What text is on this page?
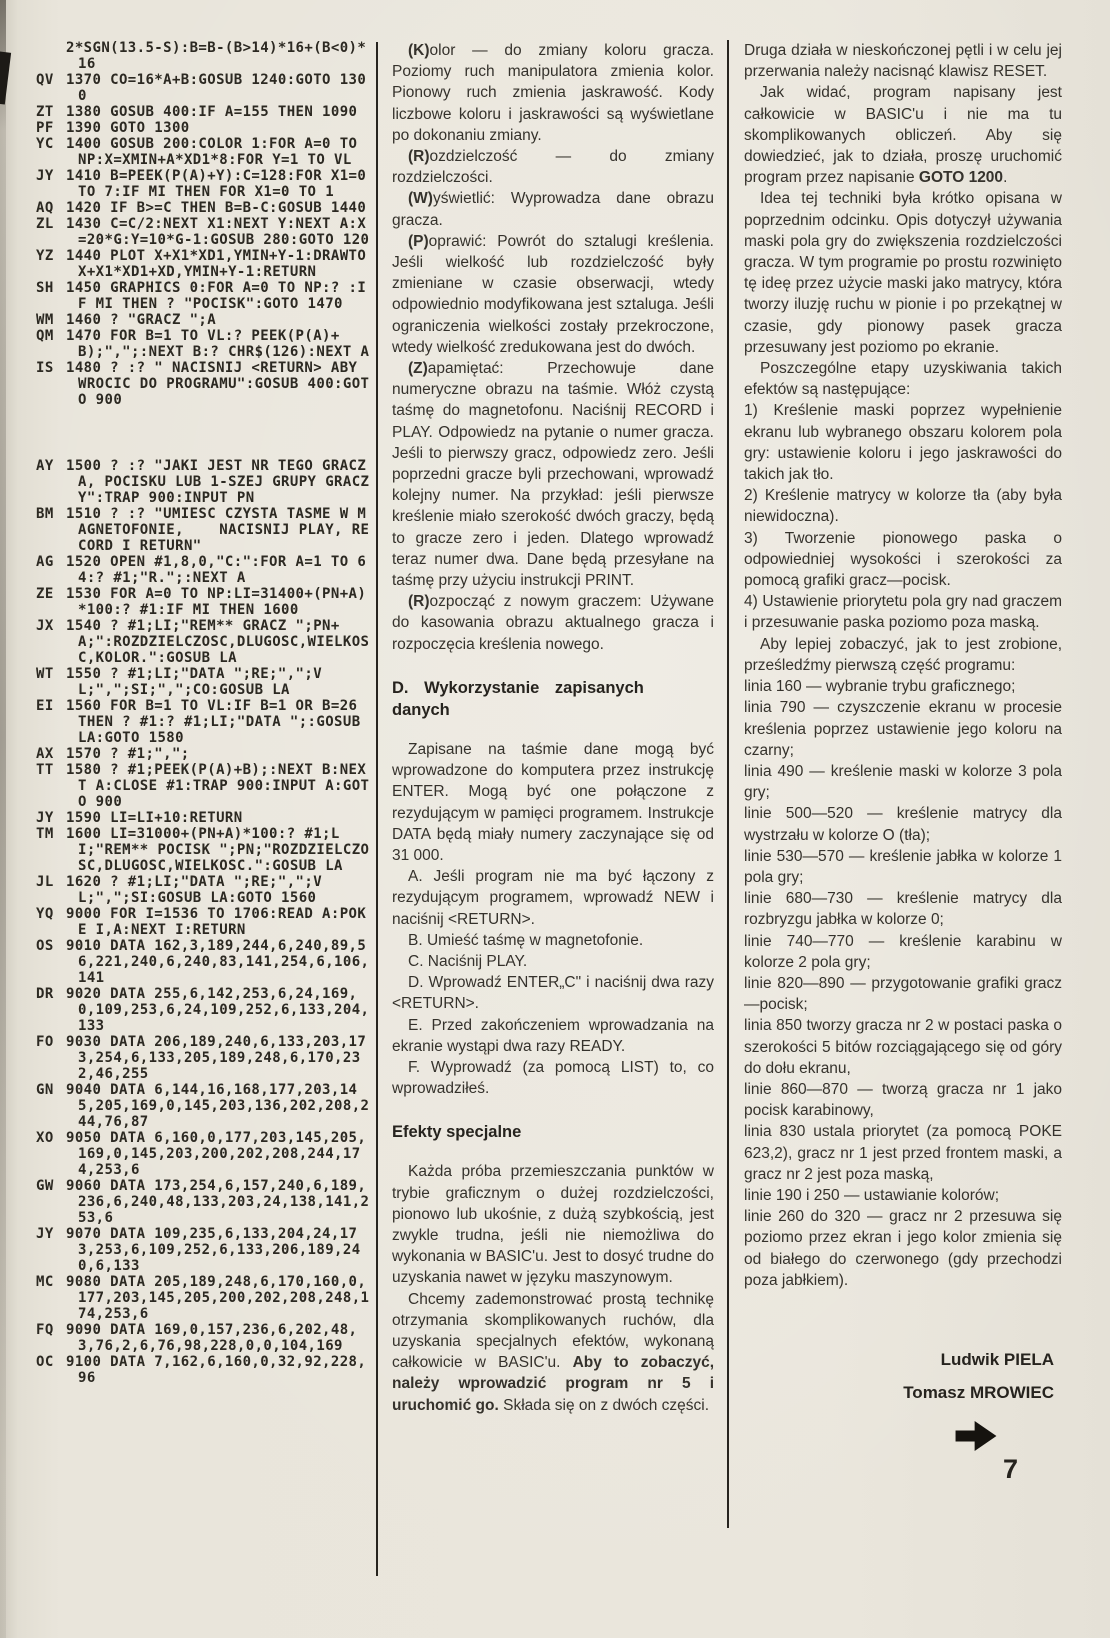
2*SGN(13.5-S):B=B-(B>14)*16+(B<0)*16
QV 1370 CO=16*A+B:GOSUB 1240:GOTO 1300
ZT 1380 GOSUB 400:IF A=155 THEN 1090
PF 1390 GOTO 1300
YC 1400 GOSUB 200:COLOR 1:FOR A=0 TO NP:X=XMIN+A*XD1*8:FOR Y=1 TO VL
JY 1410 B=PEEK(P(A)+Y):C=128:FOR X1=0 TO 7:IF MI THEN FOR X1=0 TO 1
AQ 1420 IF B>=C THEN B=B-C:GOSUB 1440
ZL 1430 C=C/2:NEXT X1:NEXT Y:NEXT A:X=20*G:Y=10*G-1:GOSUB 280:GOTO 120
YZ 1440 PLOT X+X1*XD1,YMIN+Y-1:DRAWTO X+X1*XD1+XD,YMIN+Y-1:RETURN
SH 1450 GRAPHICS 0:FOR A=0 TO NP:? :IF MI THEN ? "POCISK":GOTO 1470
WM 1460 ? "GRACZ ";A
QM 1470 FOR B=1 TO VL:? PEEK(P(A)+B);",";:NEXT B:? CHR$(126):NEXT A
IS 1480 ? :? " NACISNIJ <RETURN> ABY WROCIC DO PROGRAMU":GOSUB 400:GOTO 900
AY 1500 ? :? "JAKI JEST NR TEGO GRACZA, POCISKU LUB 1-SZEJ GRUPY GRACZY":TRAP 900:INPUT PN
BM 1510 ? :? "UMIESC CZYSTA TASME W MAGNETOFONIE,    NACISNIJ PLAY, RECORD I RETURN"
AG 1520 OPEN #1,8,0,"C:":FOR A=1 TO 64:? #1;"R.";:NEXT A
ZE 1530 FOR A=0 TO NP:LI=31400+(PN+A)*100:? #1:IF MI THEN 1600
JX 1540 ? #1;LI;"REM** GRACZ ";PN+A;":ROZDZIELCZOSC,DLUGOSC,WIELKOSC,KOLOR.":GOSUB LA
WT 1550 ? #1;LI;"DATA ";RE;",";VL;",";SI;",";CO:GOSUB LA
EI 1560 FOR B=1 TO VL:IF B=1 OR B=26 THEN ? #1:? #1;LI;"DATA ";:GOSUB LA:GOTO 1580
AX 1570 ? #1;",";
TT 1580 ? #1;PEEK(P(A)+B);:NEXT B:NEXT A:CLOSE #1:TRAP 900:INPUT A:GOTO 900
JY 1590 LI=LI+10:RETURN
TM 1600 LI=31000+(PN+A)*100:? #1;LI;"REM** POCISK ";PN;"ROZDZIELCZOSC,DLUGOSC,WIELKOSC.":GOSUB LA
JL 1620 ? #1;LI;"DATA ";RE;",";VL;",";SI:GOSUB LA:GOTO 1560
YQ 9000 FOR I=1536 TO 1706:READ A:POKE I,A:NEXT I:RETURN
OS 9010 DATA 162,3,189,244,6,240,89,56,221,240,6,240,83,141,254,6,106,141
DR 9020 DATA 255,6,142,253,6,24,169,0,109,253,6,24,109,252,6,133,204,133
FO 9030 DATA 206,189,240,6,133,203,173,254,6,133,205,189,248,6,170,232,46,255
GN 9040 DATA 6,144,16,168,177,203,145,205,169,0,145,203,136,202,208,244,76,87
XO 9050 DATA 6,160,0,177,203,145,205,169,0,145,203,200,202,208,244,174,253,6
GW 9060 DATA 173,254,6,157,240,6,189,236,6,240,48,133,203,24,138,141,253,6
JY 9070 DATA 109,235,6,133,204,24,173,253,6,109,252,6,133,206,189,240,6,133
MC 9080 DATA 205,189,248,6,170,160,0,177,203,145,205,200,202,208,248,174,253,6
FQ 9090 DATA 169,0,157,236,6,202,48,3,76,2,6,76,98,228,0,0,104,169
OC 9100 DATA 7,162,6,160,0,32,92,228,96
(K)olor — do zmiany koloru gracza. Poziomy ruch manipulatora zmienia kolor. Pionowy ruch zmienia jaskrawość. Kody liczbowe koloru i jaskrawości są wyświetlane po dokonaniu zmiany.
(R)ozdzielczość — do zmiany rozdzielczości.
(W)yświetlić: Wyprowadza dane obrazu gracza.
(P)oprawić: Powrót do sztalugi kreślenia. Jeśli wielkość lub rozdzielczość były zmieniane w czasie obserwacji, wtedy odpowiednio modyfikowana jest sztaluga. Jeśli ograniczenia wielkości zostały przekroczone, wtedy wielkość zredukowana jest do dwóch.
(Z)apamiętać: Przechowuje dane numeryczne obrazu na taśmie. Włóż czystą taśmę do magnetofonu. Naciśnij RECORD i PLAY. Odpowiedz na pytanie o numer gracza. Jeśli to pierwszy gracz, odpowiedz zero. Jeśli poprzedni gracze byli przechowani, wprowadź kolejny numer. Na przykład: jeśli pierwsze kreślenie miało szerokość dwóch graczy, będą to gracze zero i jeden. Dlatego wprowadź teraz numer dwa. Dane będą przesyłane na taśmę przy użyciu instrukcji PRINT.
(R)ozpocząć z nowym graczem: Używane do kasowania obrazu aktualnego gracza i rozpoczęcia kreślenia nowego.
D. Wykorzystanie zapisanych danych
Zapisane na taśmie dane mogą być wprowadzone do komputera przez instrukcję ENTER. Mogą być one połączone z rezydującym w pamięci programem. Instrukcje DATA będą miały numery zaczynające się od 31 000.
A. Jeśli program nie ma być łączony z rezydującym programem, wprowadź NEW i naciśnij <RETURN>.
B. Umieść taśmę w magnetofonie.
C. Naciśnij PLAY.
D. Wprowadź ENTER„C" i naciśnij dwa razy <RETURN>.
E. Przed zakończeniem wprowadzania na ekranie wystąpi dwa razy READY.
F. Wyprowadź (za pomocą LIST) to, co wprowadziłeś.
Efekty specjalne
Każda próba przemieszczania punktów w trybie graficznym o dużej rozdzielczości, pionowo lub ukośnie, z dużą szybkością, jest zwykle trudna, jeśli nie niemożliwa do wykonania w BASIC'u. Jest to dosyć trudne do uzyskania nawet w języku maszynowym.
Chcemy zademonstrować prostą technikę otrzymania skomplikowanych ruchów, dla uzyskania specjalnych efektów, wykonaną całkowicie w BASIC'u. Aby to zobaczyć, należy wprowadzić program nr 5 i uruchomić go. Składa się on z dwóch części.
Druga działa w nieskończonej pętli i w celu jej przerwania należy nacisnąć klawisz RESET.
Jak widać, program napisany jest całkowicie w BASIC'u i nie ma tu skomplikowanych obliczeń. Aby się dowiedzieć, jak to działa, proszę uruchomić program przez napisanie GOTO 1200.
Idea tej techniki była krótko opisana w poprzednim odcinku. Opis dotyczył używania maski pola gry do zwiększenia rozdzielczości gracza. W tym programie po prostu rozwinięto tę ideę przez użycie maski jako matrycy, która tworzy iluzję ruchu w pionie i po przekątnej w czasie, gdy pionowy pasek gracza przesuwany jest poziomo po ekranie.
Poszczególne etapy uzyskiwania takich efektów są następujące:
1) Kreślenie maski poprzez wypełnienie ekranu lub wybranego obszaru kolorem pola gry: ustawienie koloru i jego jaskrawości do takich jak tło.
2) Kreślenie matrycy w kolorze tła (aby była niewidoczna).
3) Tworzenie pionowego paska o odpowiedniej wysokości i szerokości za pomocą grafiki gracz—pocisk.
4) Ustawienie priorytetu pola gry nad graczem i przesuwanie paska poziomo poza maską.
Aby lepiej zobaczyć, jak to jest zrobione, prześledźmy pierwszą część programu:
linia 160 — wybranie trybu graficznego;
linia 790 — czyszczenie ekranu w procesie kreślenia poprzez ustawienie jego koloru na czarny;
linia 490 — kreślenie maski w kolorze 3 pola gry;
linie 500—520 — kreślenie matrycy dla wystrzału w kolorze O (tła);
linie 530—570 — kreślenie jabłka w kolorze 1 pola gry;
linie 680—730 — kreślenie matrycy dla rozbryzgu jabłka w kolorze 0;
linie 740—770 — kreślenie karabinu w kolorze 2 pola gry;
linie 820—890 — przygotowanie grafiki gracz—pocisk;
linia 850 tworzy gracza nr 2 w postaci paska o szerokości 5 bitów rozciągającego się od góry do dołu ekranu,
linie 860—870 — tworzą gracza nr 1 jako pocisk karabinowy,
linia 830 ustala priorytet (za pomocą POKE 623,2), gracz nr 1 jest przed frontem maski, a gracz nr 2 jest poza maską,
linie 190 i 250 — ustawianie kolorów;
linie 260 do 320 — gracz nr 2 przesuwa się poziomo przez ekran i jego kolor zmienia się od białego do czerwonego (gdy przechodzi poza jabłkiem).
Ludwik PIELA
Tomasz MROWIEC
7
